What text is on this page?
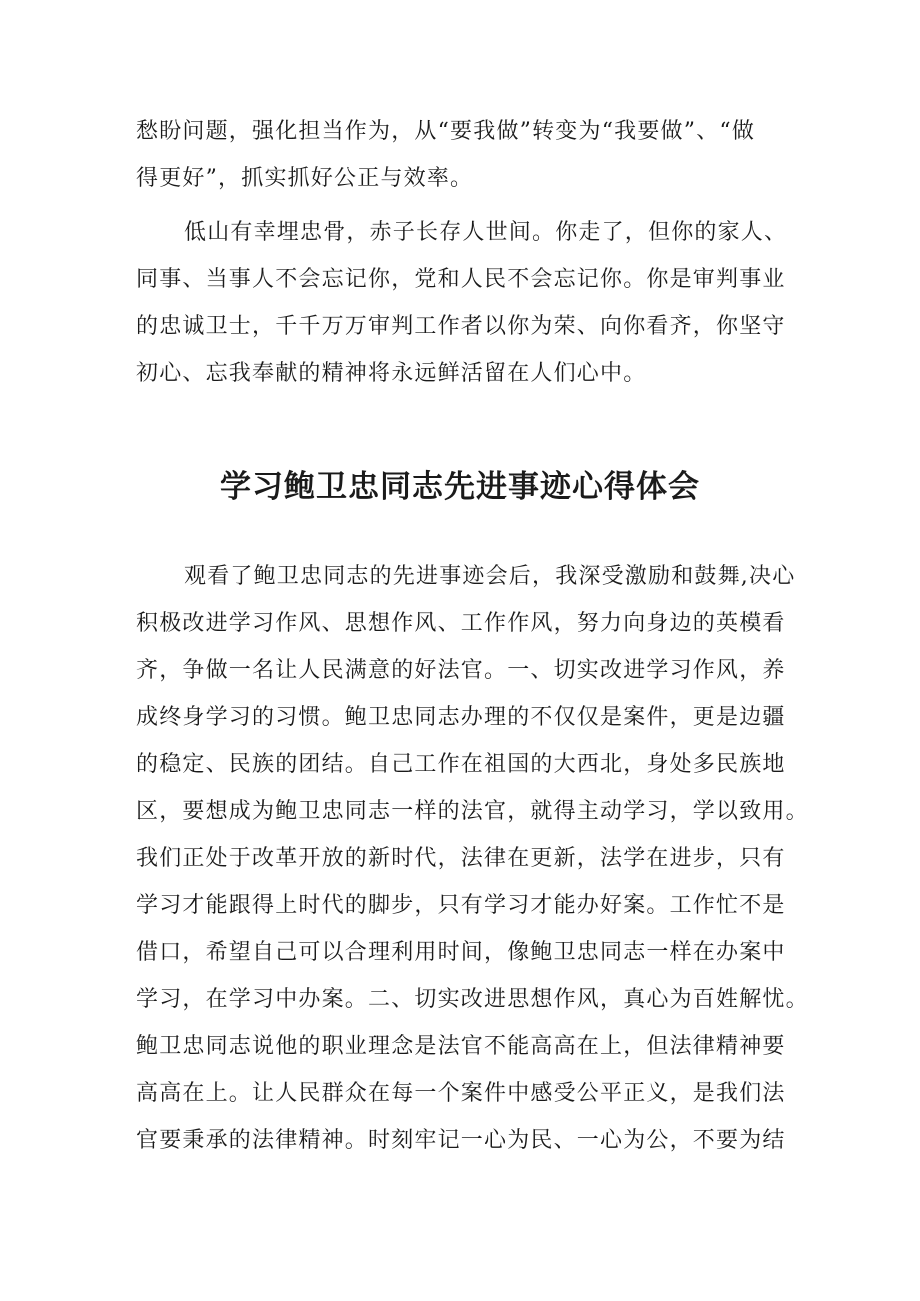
愁盼问题，强化担当作为，从“要我做”转变为“我要做”、“做
得更好”，抓实抓好公正与效率。
低山有幸埋忠骨，赤子长存人世间。你走了，但你的家人、
同事、当事人不会忘记你，党和人民不会忘记你。你是审判事业
的忠诚卫士，千千万万审判工作者以你为荣、向你看齐，你坚守
初心、忘我奉献的精神将永远鲜活留在人们心中。
学习鲍卫忠同志先进事迹心得体会
观看了鲍卫忠同志的先进事迹会后，我深受激励和鼓舞,决心
积极改进学习作风、思想作风、工作作风，努力向身边的英模看
齐，争做一名让人民满意的好法官。一、切实改进学习作风，养
成终身学习的习惯。鲍卫忠同志办理的不仅仅是案件，更是边疆
的稳定、民族的团结。自己工作在祖国的大西北，身处多民族地
区，要想成为鲍卫忠同志一样的法官，就得主动学习，学以致用。
我们正处于改革开放的新时代，法律在更新，法学在进步，只有
学习才能跟得上时代的脚步，只有学习才能办好案。工作忙不是
借口，希望自己可以合理利用时间，像鲍卫忠同志一样在办案中
学习，在学习中办案。二、切实改进思想作风，真心为百姓解忧。
鲍卫忠同志说他的职业理念是法官不能高高在上，但法律精神要
高高在上。让人民群众在每一个案件中感受公平正义，是我们法
官要秉承的法律精神。时刻牢记一心为民、一心为公，不要为结
